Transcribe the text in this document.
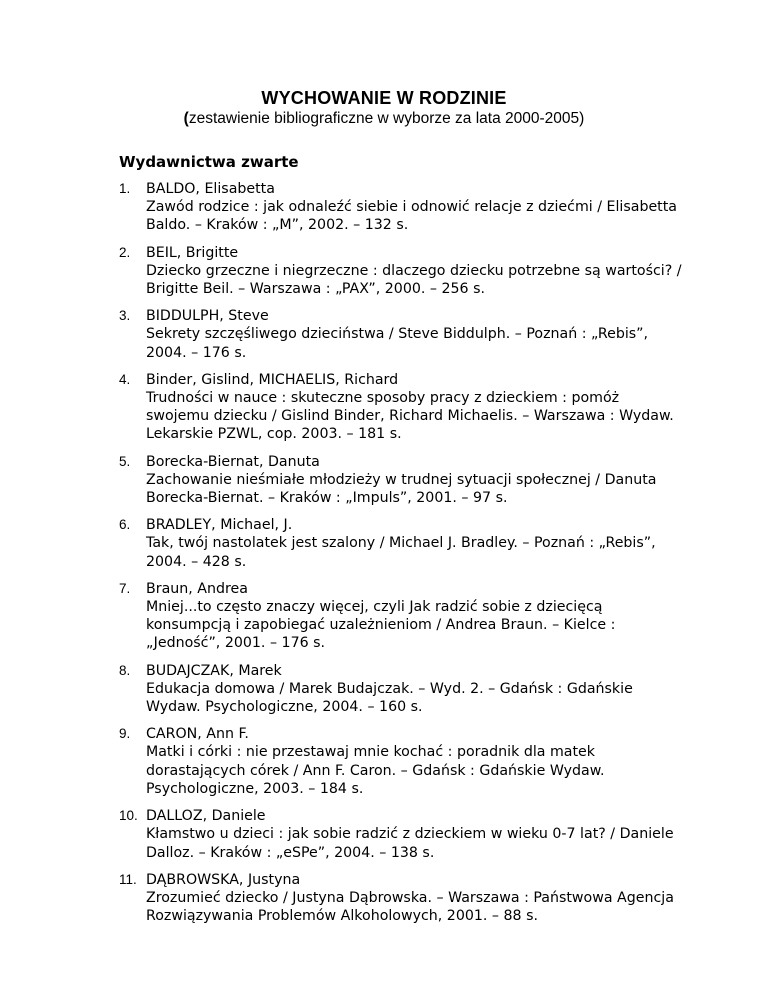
WYCHOWANIE W RODZINIE
(zestawienie bibliograficzne w wyborze za lata 2000-2005)
Wydawnictwa zwarte
1. BALDO, Elisabetta
Zawód rodzice : jak odnaleźć siebie i odnowić relacje z dziećmi / Elisabetta Baldo. – Kraków : „M”, 2002. – 132 s.
2. BEIL, Brigitte
Dziecko grzeczne i niegrzeczne : dlaczego dziecku potrzebne są wartości? / Brigitte Beil. – Warszawa : „PAX”, 2000. – 256 s.
3. BIDDULPH, Steve
Sekrety szczęśliwego dzieciństwa / Steve Biddulph. – Poznań : „Rebis”, 2004. – 176 s.
4. Binder, Gislind, MICHAELIS, Richard
Trudności w nauce : skuteczne sposoby pracy z dzieckiem : pomóż swojemu dziecku / Gislind Binder, Richard Michaelis. – Warszawa : Wydaw. Lekarskie PZWL, cop. 2003. – 181 s.
5. Borecka-Biernat, Danuta
Zachowanie nieśmiałe młodzieży w trudnej sytuacji społecznej / Danuta Borecka-Biernat. – Kraków : „Impuls”, 2001. – 97 s.
6. BRADLEY, Michael, J.
Tak, twój nastolatek jest szalony / Michael J. Bradley. – Poznań : „Rebis”, 2004. – 428 s.
7. Braun, Andrea
Mniej...to często znaczy więcej, czyli Jak radzić sobie z dziecięcą konsumpcją i zapobiegać uzależnieniom / Andrea Braun. – Kielce : „Jedność”, 2001. – 176 s.
8. BUDAJCZAK, Marek
Edukacja domowa / Marek Budajczak. – Wyd. 2. – Gdańsk : Gdańskie Wydaw. Psychologiczne, 2004. – 160 s.
9. CARON, Ann F.
Matki i córki : nie przestawaj mnie kochać : poradnik dla matek dorastających córek / Ann F. Caron. – Gdańsk : Gdańskie Wydaw. Psychologiczne, 2003. – 184 s.
10. DALLOZ, Daniele
Kłamstwo u dzieci : jak sobie radzić z dzieckiem w wieku 0-7 lat? / Daniele Dalloz. – Kraków : „eSPe”, 2004. – 138 s.
11. DĄBROWSKA, Justyna
Zrozumieć dziecko / Justyna Dąbrowska. – Warszawa : Państwowa Agencja Rozwiązywania Problemów Alkoholowych, 2001. – 88 s.
